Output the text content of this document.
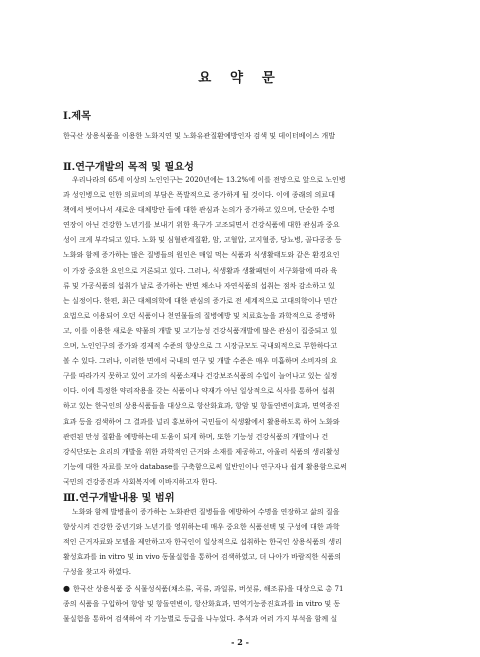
요 약 문
Ⅰ.제목
한국산 상용식품을 이용한 노화지연 및 노화유관질환예방인자 검색 및 데이터베이스 개발
Ⅱ.연구개발의 목적 및 필요성
우리나라의 65세 이상의 노인인구는 2020년에는 13.2%에 이를 전망으로 앞으로 노인병
과 성인병으로 인한 의료비의 부담은 폭발적으로 증가하게 될 것이다. 이에 종래의 의료대
책에서 벗어나서 새로운 대체방안 들에 대한 관심과 논의가 증가하고 있으며, 단순한 수명
연장이 아닌 건강한 노년기를 보내기 위한 육구가 고조되면서 건강식품에 대한 관심과 중요
성이 크게 부각되고 있다. 노화 및 심혈관계질환, 암, 고혈압, 고지혈증, 당뇨병, 골다공증 등
노화와 함께 증가하는 많은 질병들의 원인은 매일 먹는 식품과 식생활태도와 같은 환경요인
이 가장 중요한 요인으로 거론되고 있다. 그러나, 식생활과 생활패턴이 서구화함에 따라 육
류 및 가공식품의 섭취가 날로 증가하는 반면 채소나 자연식품의 섭취는 점차 감소하고 있
는 실정이다. 한편, 최근 대체의학에 대한 관심의 증가로 전 세계적으로 고대의학이나 민간
요법으로 이용되어 오던 식품이나 천연물들의 질병예방 및 치료효능을 과학적으로 증명하
고, 이를 이용한 새로운 약물의 개발 및 고기능성 건강식품개발에 많은 관심이 집중되고 있
으며, 노인인구의 증가와 경제적 수준의 향상으로 그 시장규모도 국내외적으로 무한하다고
볼 수 있다. 그러나, 이러한 면에서 국내의 연구 및 개발 수준은 매우 미흡하며 소비자의 요
구를 따라가지 못하고 있어 고가의 식품소재나 건강보조식품의 수입이 늘어나고 있는 실정
이다. 이에 특정한 약리작용을 갖는 식품이나 약재가 아닌 일상적으로 식사를 통하여 섭취
하고 있는 한국인의 상용식품들을 대상으로 항산화효과, 항암 및 항돌연변이효과, 면역증진
효과 등을 검색하여 그 결과를 널리 홍보하여 국민들이 식생활에서 활용하도록 하여 노화와
관련된 만성 질환을 예방하는데 도움이 되게 하며, 또한 기능성 건강식품의 개발이나 건
강식단또는 요리의 개발을 위한 과학적인 근거와 소재를 제공하고, 아울러 식품의 생리활성
기능에 대한 자료를 모아 database를 구축함으로써 일반인이나 연구자나 쉽게 활용함으로써
국민의 건강증진과 사회복지에 이바지하고자 한다.
Ⅲ.연구개발내용 및 범위
노화와 함께 발병율이 증가하는 노화관련 질병들을 예방하여 수명을 연장하고 삶의 질을
향상시켜 건강한 중년기와 노년기를 영위하는데 매우 중요한 식품선택 및 구성에 대한 과학
적인 근거자료와 모델을 제안하고자 한국인이 일상적으로 섭취하는 한국인 상용식품의 생리
활성효과를 in vitro 및 in vivo 동물실험을 통하여 검색하였고, 더 나아가 바람직한 식품의
구성을 찾고자 하였다.
● 한국산 상용식품 중 식물성식품(채소류, 곡류, 과일류, 버섯류, 해조류)을 대상으로 총 71
종의 식품을 구입하여 항암 및 항돌연변이, 항산화효과, 면역기능증진효과를 in vitro 및 동
물실험을 통하여 검색하여 각 기능별로 등급을 나누었다. 추석과 여러 가지 부석을 함께 실
- 2 -
